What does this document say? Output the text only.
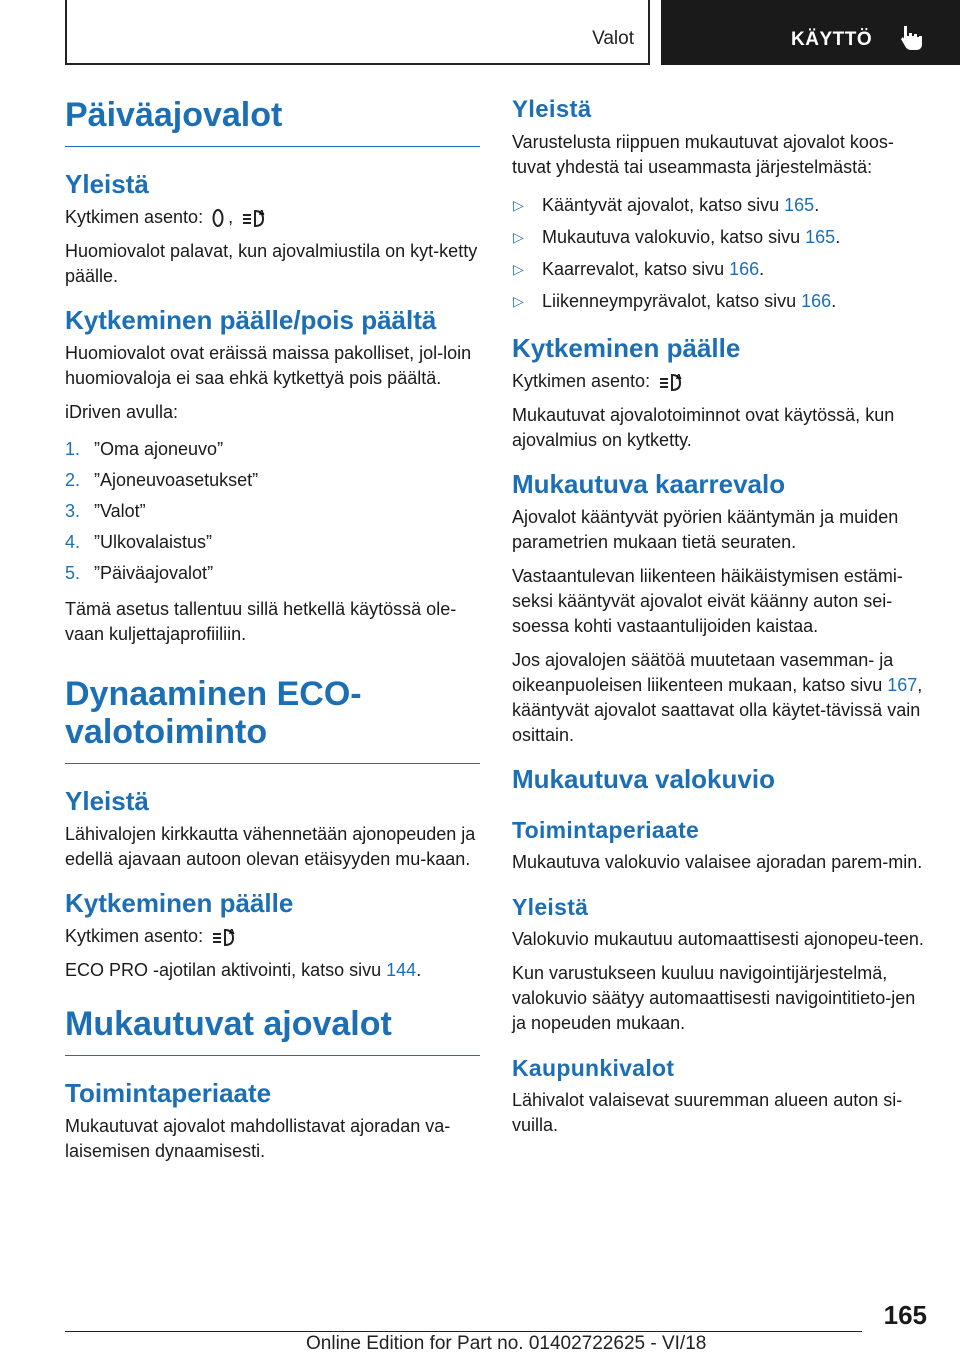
Valot	KÄYTTÖ
Päiväajovalot
Yleistä

Kytkimen asento: ,	A

Huomiovalot palavat, kun ajovalmiustila on kyt-ketty päälle.

Kytkeminen päälle/pois päältä

Huomiovalot ovat eräissä maissa pakolliset, jol-loin huomiovaloja ei saa ehkä kytkettyä pois päältä.

iDriven avulla:

1. ”Oma ajoneuvo”
2. ”Ajoneuvoasetukset”
3. ”Valot”
4. ”Ulkovalaistus”
5. ”Päiväajovalot”

Tämä asetus tallentuu sillä hetkellä käytössä ole-vaan kuljettajaprofiiliin.

Dynaaminen ECO-valotoiminto
Yleistä

Lähivalojen kirkkautta vähennetään ajonopeuden ja edellä ajavaan autoon olevan etäisyyden mu-kaan.

Kytkeminen päälle

Kytkimen asento:	A

ECO PRO -ajotilan aktivointi, katso sivu 144.

Mukautuvat ajovalot
Toimintaperiaate

Mukautuvat ajovalot mahdollistavat ajoradan va-laisemisen dynaamisesti.

Yleistä

Varustelusta riippuen mukautuvat ajovalot koos-tuvat yhdestä tai useammasta järjestelmästä:

▷	Kääntyvät ajovalot, katso sivu 165.
▷	Mukautuva valokuvio, katso sivu 165.
▷	Kaarrevalot, katso sivu 166.
▷	Liikenneympyrävalot, katso sivu 166.
Kytkeminen päälle

Kytkimen asento:	A

Mukautuvat ajovalotoiminnot ovat käytössä, kun ajovalmius on kytketty.

Mukautuva kaarrevalo

Ajovalot kääntyvät pyörien kääntymän ja muiden parametrien mukaan tietä seuraten.

Vastaantulevan liikenteen häikäistymisen estämi-seksi kääntyvät ajovalot eivät käänny auton sei-soessa kohti vastaantulijoiden kaistaa.

Jos ajovalojen säätöä muutetaan vasemman- ja oikeanpuoleisen liikenteen mukaan, katso sivu 167, kääntyvät ajovalot saattavat olla käytet-tävissä vain osittain.

Mukautuva valokuvio
Toimintaperiaate

Mukautuva valokuvio valaisee ajoradan parem-min.

Yleistä

Valokuvio mukautuu automaattisesti ajonopeu-teen.

Kun varustukseen kuuluu navigointijärjestelmä, valokuvio säätyy automaattisesti navigointitieto-jen ja nopeuden mukaan.

Kaupunkivalot

Lähivalot valaisevat suuremman alueen auton si-vuilla.

165
Online Edition for Part no. 01402722625 - VI/18
